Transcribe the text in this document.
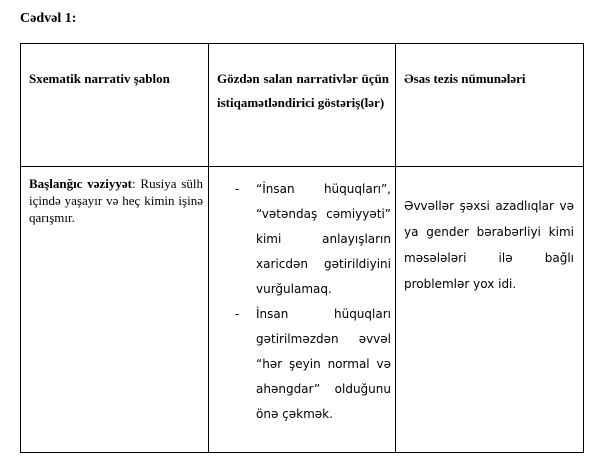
Cədvəl 1:
Sxematik narrativ şablon	Gözdən salan narrativlər üçün istiqamətləndirici göstəriş(lər)
Əsas tezis nümunələri
Başlanğıc vəziyyət: Rusiya sülh içində yaşayır və heç kimin işinə qarışmır.
- “İnsan hüquqları”, “vətəndaş cəmiyyəti” kimi anlayışların xaricdən gətirildiyini vurğulamaq.
- İnsan hüquqları gətirilməzdən əvvəl “hər şeyin normal və ahəngdar” olduğunu önə çəkmək.
Əvvəllər şəxsi azadlıqlar və ya gender bərabərliyi kimi məsələləri ilə bağlı problemlər yox idi.
